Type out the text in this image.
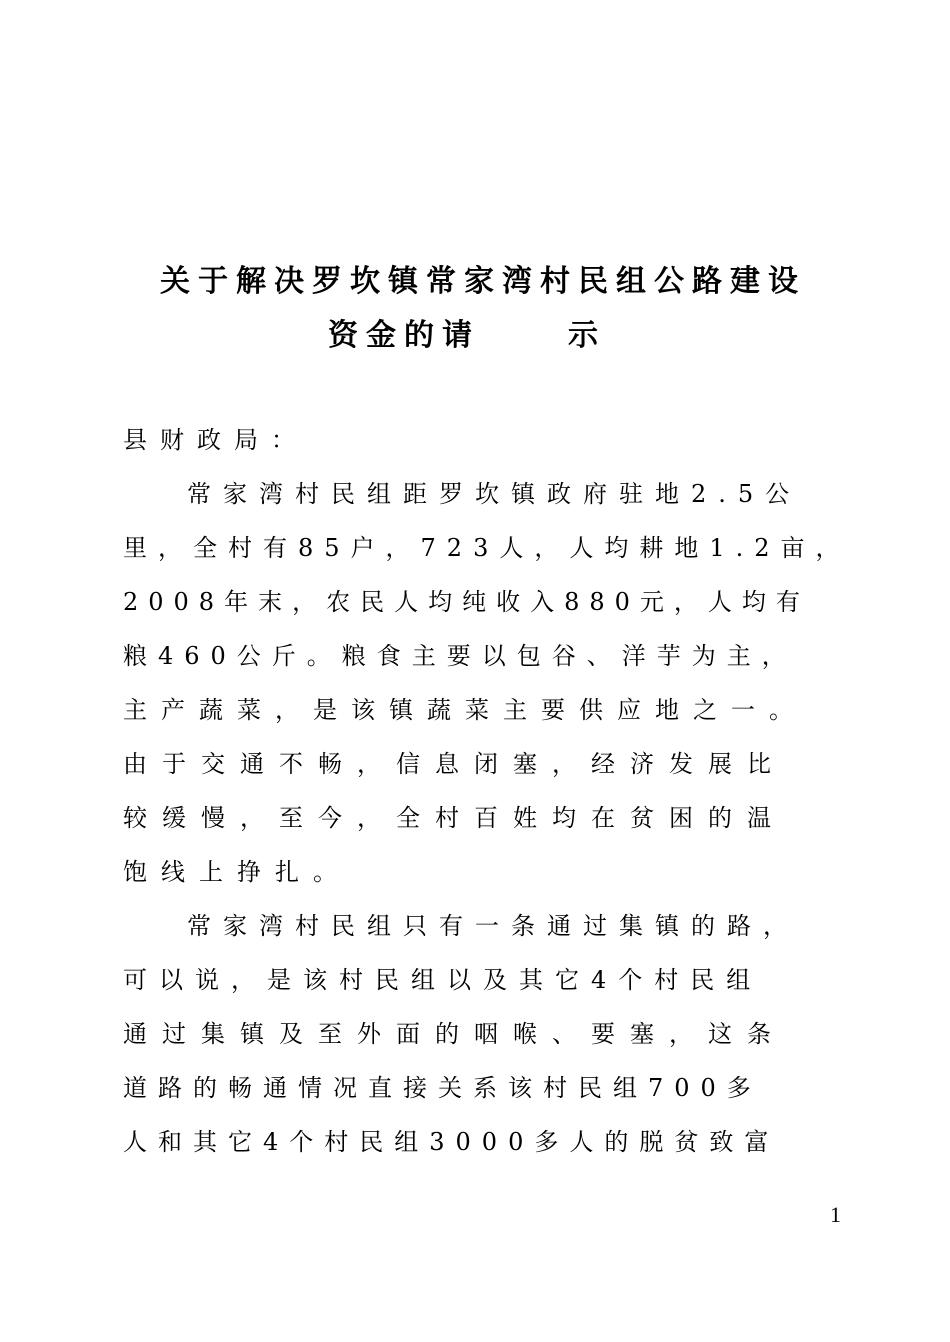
关于解决罗坎镇常家湾村民组公路建设
资金的请	示
县财政局：
常家湾村民组距罗坎镇政府驻地2.5公
里，全村有85户，723人，人均耕地1.2亩，
2008年末，农民人均纯收入880元，人均有
粮460公斤。粮食主要以包谷、洋芋为主，
主产蔬菜，是该镇蔬菜主要供应地之一。
由于交通不畅，信息闭塞，经济发展比
较缓慢，至今，全村百姓均在贫困的温
饱线上挣扎。
常家湾村民组只有一条通过集镇的路，
可以说，是该村民组以及其它4个村民组
通过集镇及至外面的咽喉、要塞，这条
道路的畅通情况直接关系该村民组700多
人和其它4个村民组3000多人的脱贫致富
1
